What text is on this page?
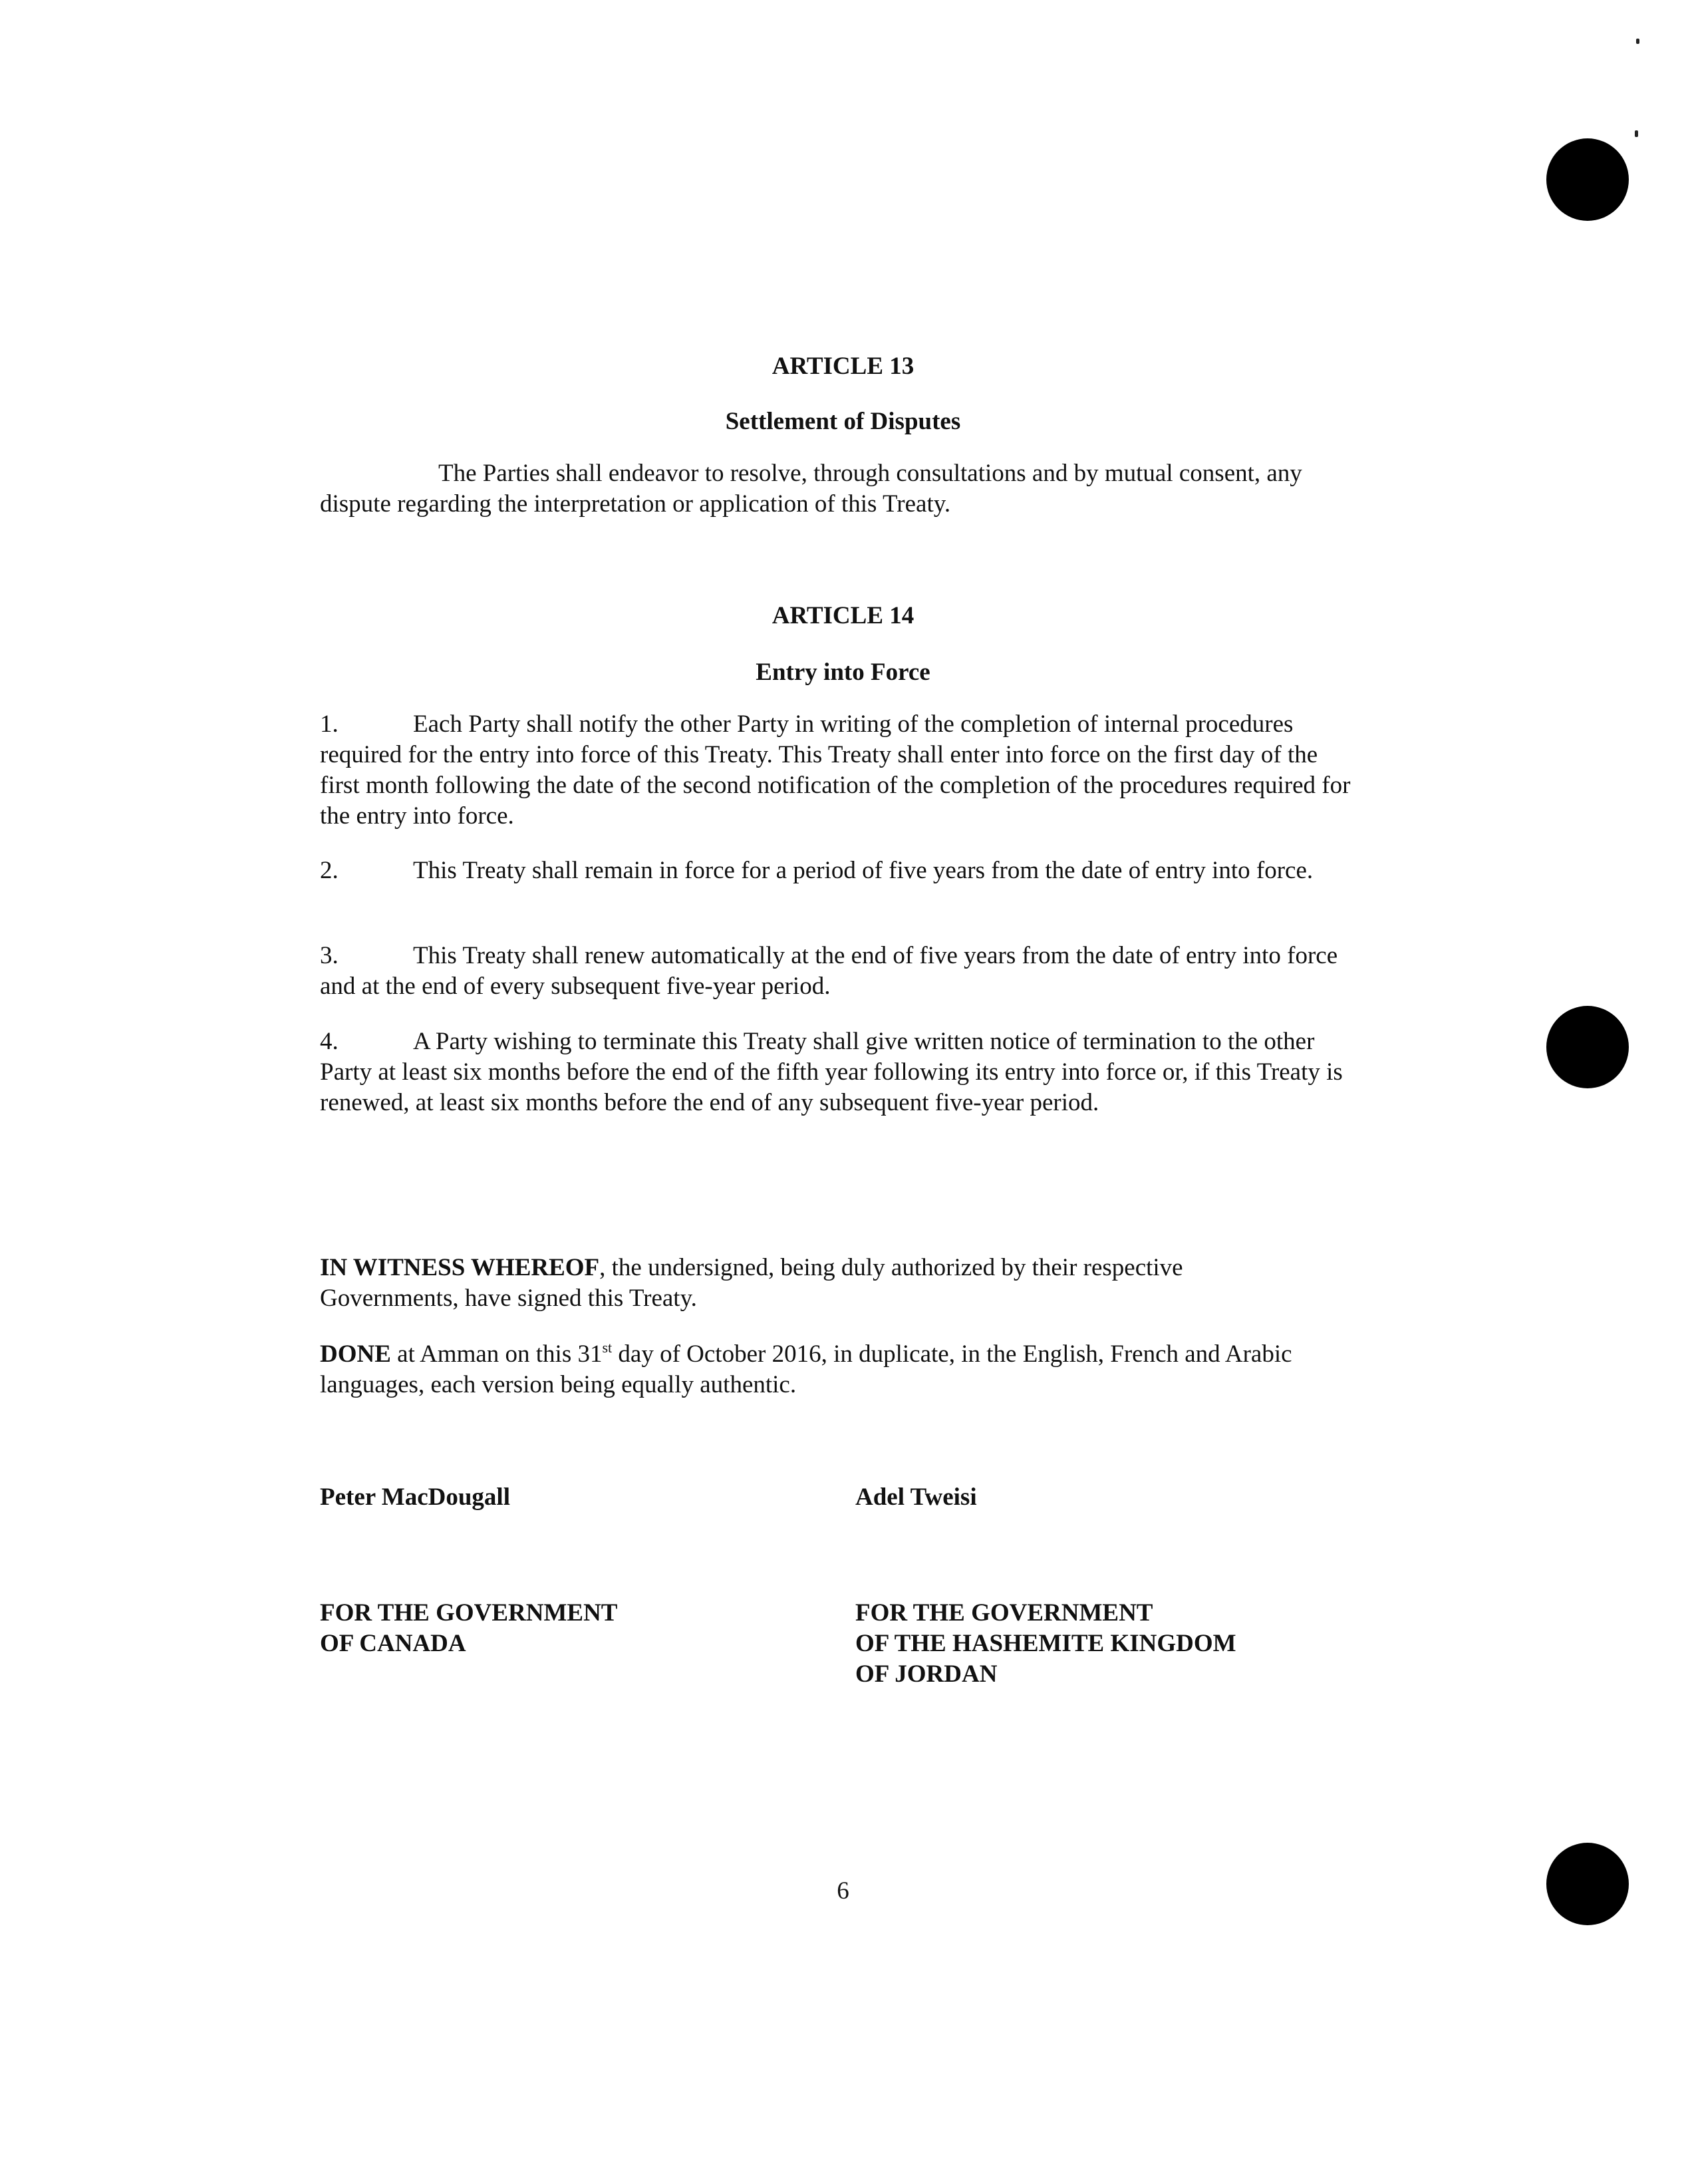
ARTICLE 13
Settlement of Disputes
The Parties shall endeavor to resolve, through consultations and by mutual consent, any dispute regarding the interpretation or application of this Treaty.
ARTICLE 14
Entry into Force
1.	Each Party shall notify the other Party in writing of the completion of internal procedures required for the entry into force of this Treaty. This Treaty shall enter into force on the first day of the first month following the date of the second notification of the completion of the procedures required for the entry into force.
2.	This Treaty shall remain in force for a period of five years from the date of entry into force.
3.	This Treaty shall renew automatically at the end of five years from the date of entry into force and at the end of every subsequent five-year period.
4.	A Party wishing to terminate this Treaty shall give written notice of termination to the other Party at least six months before the end of the fifth year following its entry into force or, if this Treaty is renewed, at least six months before the end of any subsequent five-year period.
IN WITNESS WHEREOF, the undersigned, being duly authorized by their respective Governments, have signed this Treaty.
DONE at Amman on this 31st day of October 2016, in duplicate, in the English, French and Arabic languages, each version being equally authentic.
Peter MacDougall	Adel Tweisi
FOR THE GOVERNMENT
OF CANADA
FOR THE GOVERNMENT
OF THE HASHEMITE KINGDOM
OF JORDAN
6
